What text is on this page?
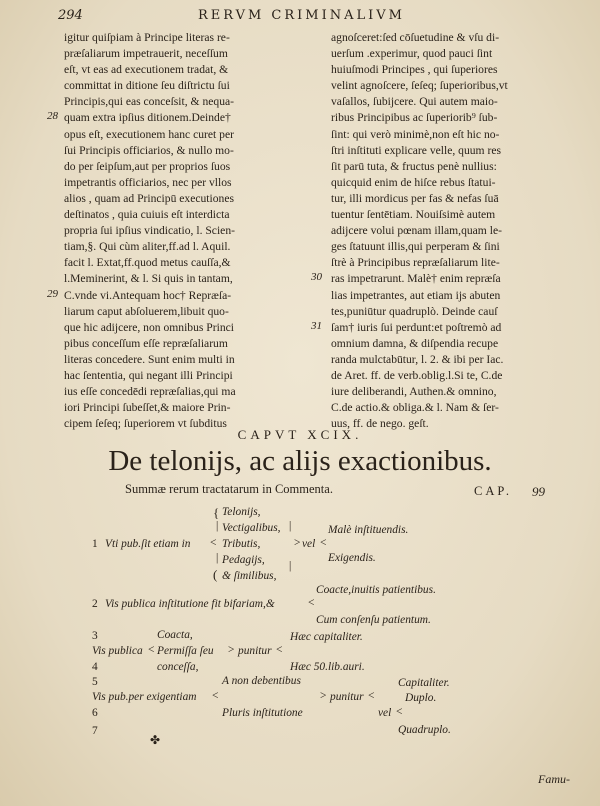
294	RERVM CRIMINALIVM
igitur quiſpiam à Principe literas re-
præſaliarum impetrauerit, neceſſum
eſt, vt eas ad executionem tradat, &
committat in ditione ſeu diſtrictu ſui
Principis,qui eas conceſsit, & nequa-
quam extra ipſius ditionem.Deinde†
opus eſt, executionem hanc curet per
ſui Principis officiarios, & nullo mo-
do per ſeipſum,aut per proprios ſuos
impetrantis officiarios, nec per vllos
alios , quam ad Principū executiones
deſtinatos , quia cuiuis eſt interdicta
propria ſui ipſius vindicatio, l. Scien-
tiam,§. Qui cùm aliter,ff.ad l. Aquil.
facit l. Extat,ff.quod metus cauſſa,&
l.Meminerint, & l. Si quis in tantam,
C.vnde vi.Antequam hoc† Repræſa-
liarum caput abſoluerem,libuit quo-
que hic adijcere, non omnibus Princi
pibus conceſſum eſſe repræſaliarum
literas concedere. Sunt enim multi in
hac ſententia, qui negant illi Principi
ius eſſe concedēdi repræſalias,qui ma
iori Principi ſubeſſet,& maiore Prin-
cipem ſeſeq; ſuperiorem vt ſubditus
agnoſceret:ſed cōſuetudine & vſu di-
uerſum .experimur, quod pauci ſint
huiuſmodi Principes , qui ſuperiores
velint agnoſcere, ſeſeq; ſuperioribus,vt
vaſallos, ſubijcere. Qui autem maio-
ribus Principibus ac ſuperiorib⁹ ſub-
ſint: qui verò minimè,non eſt hic no-
ſtri inſtituti explicare velle, quum res
ſit parū tuta, & fructus penè nullius:
quicquid enim de hiſce rebus ſtatui-
tur, illi mordicus per fas & nefas ſuā
tuentur ſentētiam. Nouiſsimè autem
adijcere volui pœnam illam,quam le-
ges ſtatuunt illis,qui perperam & ſini
ſtrè à Principibus repræſaliarum lite-
ras impetrarunt. Malè† enim repræſa
lias impetrantes, aut etiam ijs abuten
tes,puniūtur quadruplò. Deinde cauſ
ſam† iuris ſui perdunt:et poſtremò ad
omnium damna, & diſpendia recupe
randa mulctabūtur, l. 2. & ibi per Iac.
de Aret. ff. de verb.oblig.l.Si te, C.de
iure deliberandi, Authen.& omnino,
C.de actio.& obliga.& l. Nam & ſer-
uus, ff. de nego. geſt.
28
29
30
31
CAPVT XCIX.
De telonijs, ac alijs exactionibus.
Summæ rerum tractatarum in Commenta.	CAP. 99
Telonijs,
Vectigalibus,
Tributis,
Pedagijs,
& ſimilibus,
{
(
|
|
1 Vti pub.ſit etiam in <
|
|
> vel <
Malè inſtituendis.
Exigendis.
2 Vis publica inſtitutione fit bifariam,&	<
Coacte,inuitis patientibus.
Cum conſenſu patientum.
3
4
Vis publica <
Coacta,
Permiſſa ſeu
conceſſa,
> punitur <
Hæc capitaliter.
Hæc 50.lib.auri.
5
6
7
Vis pub.per exigentiam <
A non debentibus
Pluris inſtitutione
> punitur <
Capitaliter.
vel <
Duplo.
Quadruplo.
✤
Famu-
